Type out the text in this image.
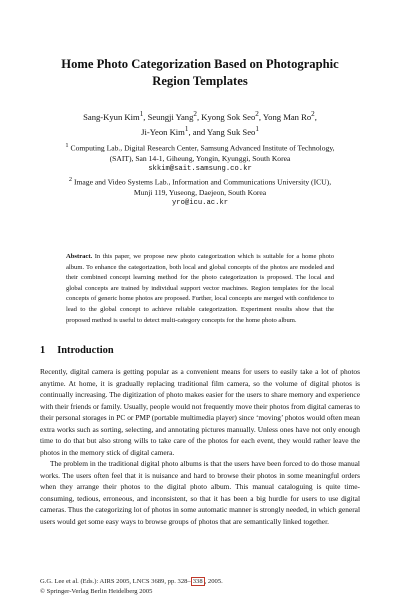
Home Photo Categorization Based on Photographic
Region Templates
Sang-Kyun Kim$^1$, Seungji Yang$^2$, Kyong Sok Seo$^2$, Yong Man Ro$^2$,
Ji-Yeon Kim$^1$, and Yang Suk Seo$^1$
$^1$ Computing Lab., Digital Research Center, Samsung Advanced Institute of Technology,
(SAIT), San 14-1, Giheung, Yongin, Kyunggi, South Korea
skkim@sait.samsung.co.kr
$^2$ Image and Video Systems Lab., Information and Communications University (ICU),
Munji 119, Yuseong, Daejeon, South Korea
yro@icu.ac.kr
Abstract. In this paper, we propose new photo categorization which is suitable for a home photo album. To enhance the categorization, both local and global concepts of the photos are modeled and their combined concept learning method for the photo categorization is proposed. The local and global concepts are trained by individual support vector machines. Region templates for the local concepts of generic home photos are proposed. Further, local concepts are merged with confidence to lead to the global concept to achieve reliable categorization. Experiment results show that the proposed method is useful to detect multi-category concepts for the home photo album.
1 Introduction

Recently, digital camera is getting popular as a convenient means for users to easily take a lot of photos anytime. At home, it is gradually replacing traditional film camera, so the volume of digital photos is continually increasing. The digitization of photo makes easier for the users to share memory and experience with their friends or family. Usually, people would not frequently move their photos from digital cameras to their personal storages in PC or PMP (portable multimedia player) since ‘moving’ photos would often mean extra works such as sorting, selecting, and annotating pictures manually. Unless ones have not only enough time to do that but also strong wills to take care of the photos for each event, they would rather leave the photos in the memory stick of digital camera.

The problem in the traditional digital photo albums is that the users have been forced to do those manual works. The users often feel that it is nuisance and hard to browse their photos in some meaningful orders when they arrange their photos to the digital photo album. This manual cataloguing is quite time-consuming, tedious, erroneous, and inconsistent, so that it has been a big hurdle for users to use digital cameras. Thus the categorizing lot of photos in some automatic manner is strongly needed, in which general users would get some easy ways to browse groups of photos that are semantically linked together.

G.G. Lee et al. (Eds.): AIRS 2005, LNCS 3689, pp. 328– 338 , 2005.
© Springer-Verlag Berlin Heidelberg 2005
